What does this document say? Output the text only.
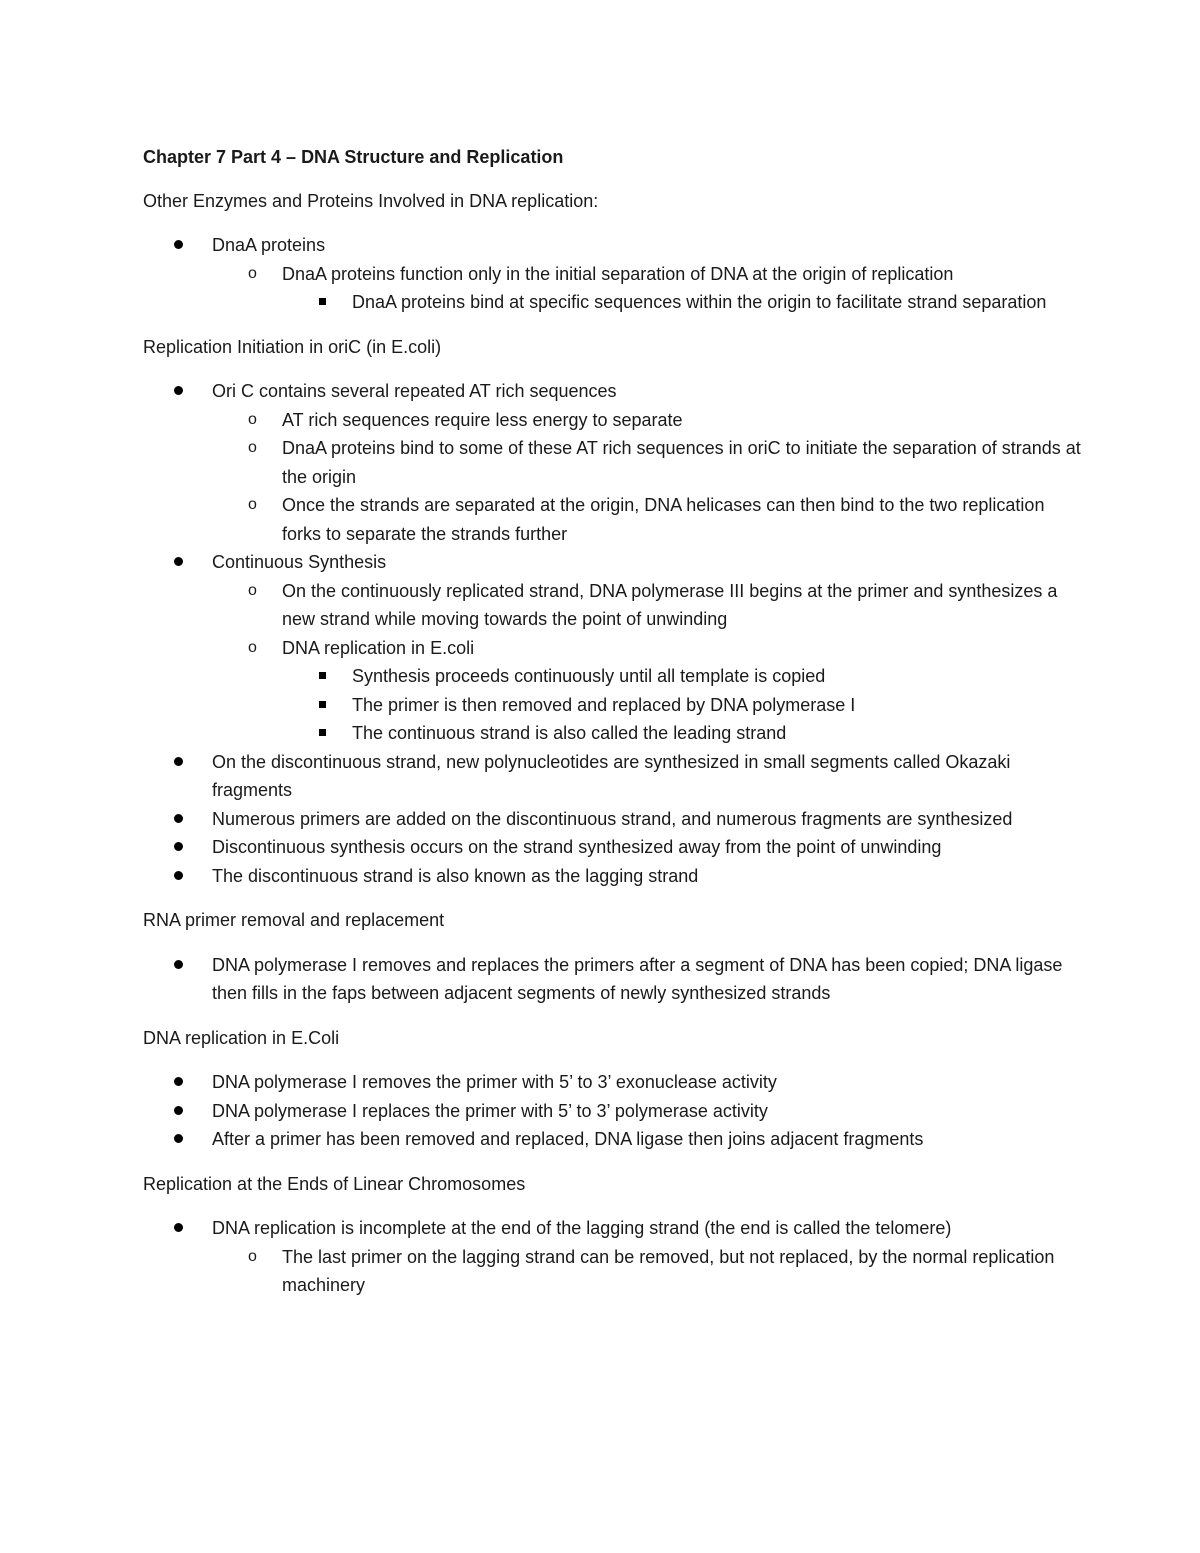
Chapter 7 Part 4 – DNA Structure and Replication
Other Enzymes and Proteins Involved in DNA replication:
DnaA proteins
o DnaA proteins function only in the initial separation of DNA at the origin of replication
DnaA proteins bind at specific sequences within the origin to facilitate strand separation
Replication Initiation in oriC (in E.coli)
Ori C contains several repeated AT rich sequences
o AT rich sequences require less energy to separate
o DnaA proteins bind to some of these AT rich sequences in oriC to initiate the separation of strands at the origin
o Once the strands are separated at the origin, DNA helicases can then bind to the two replication forks to separate the strands further
Continuous Synthesis
o On the continuously replicated strand, DNA polymerase III begins at the primer and synthesizes a new strand while moving towards the point of unwinding
o DNA replication in E.coli
Synthesis proceeds continuously until all template is copied
The primer is then removed and replaced by DNA polymerase I
The continuous strand is also called the leading strand
On the discontinuous strand, new polynucleotides are synthesized in small segments called Okazaki fragments
Numerous primers are added on the discontinuous strand, and numerous fragments are synthesized
Discontinuous synthesis occurs on the strand synthesized away from the point of unwinding
The discontinuous strand is also known as the lagging strand
RNA primer removal and replacement
DNA polymerase I removes and replaces the primers after a segment of DNA has been copied; DNA ligase then fills in the faps between adjacent segments of newly synthesized strands
DNA replication in E.Coli
DNA polymerase I removes the primer with 5’ to 3’ exonuclease activity
DNA polymerase I replaces the primer with 5’ to 3’ polymerase activity
After a primer has been removed and replaced, DNA ligase then joins adjacent fragments
Replication at the Ends of Linear Chromosomes
DNA replication is incomplete at the end of the lagging strand (the end is called the telomere)
o The last primer on the lagging strand can be removed, but not replaced, by the normal replication machinery
